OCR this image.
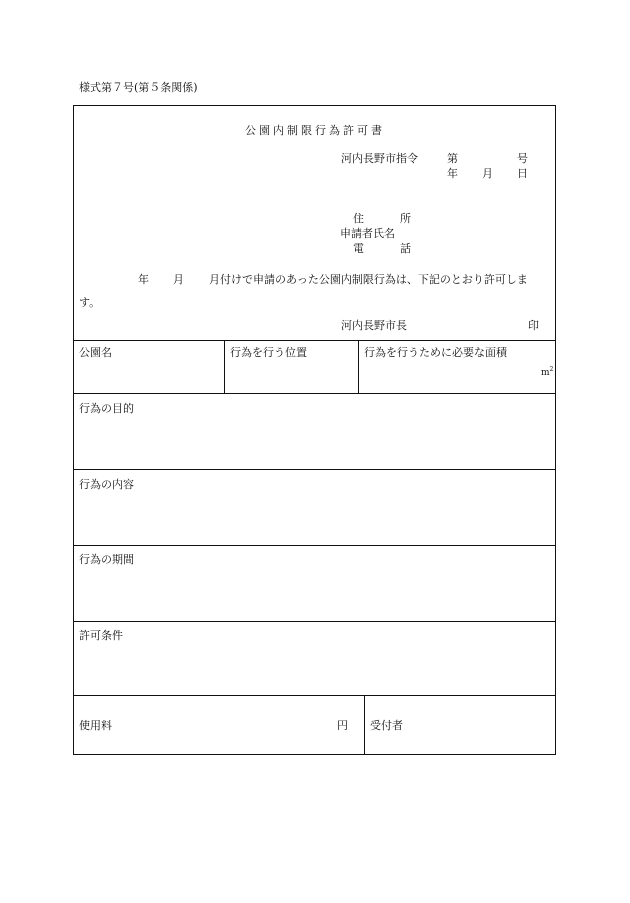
様式第７号(第５条関係)
公園内制限行為許可書
河内長野市指令	第	号
年 月 日
住	所
申請者氏名
電	話
年 月 月付けで申請のあった公園内制限行為は、下記のとおり許可しま
す。
河内長野市長	印
公園名	行為を行う位置	行為を行うために必要な面積
$m^2$
行為の目的
行為の内容
行為の期間
許可条件
使用料	円 受付者
